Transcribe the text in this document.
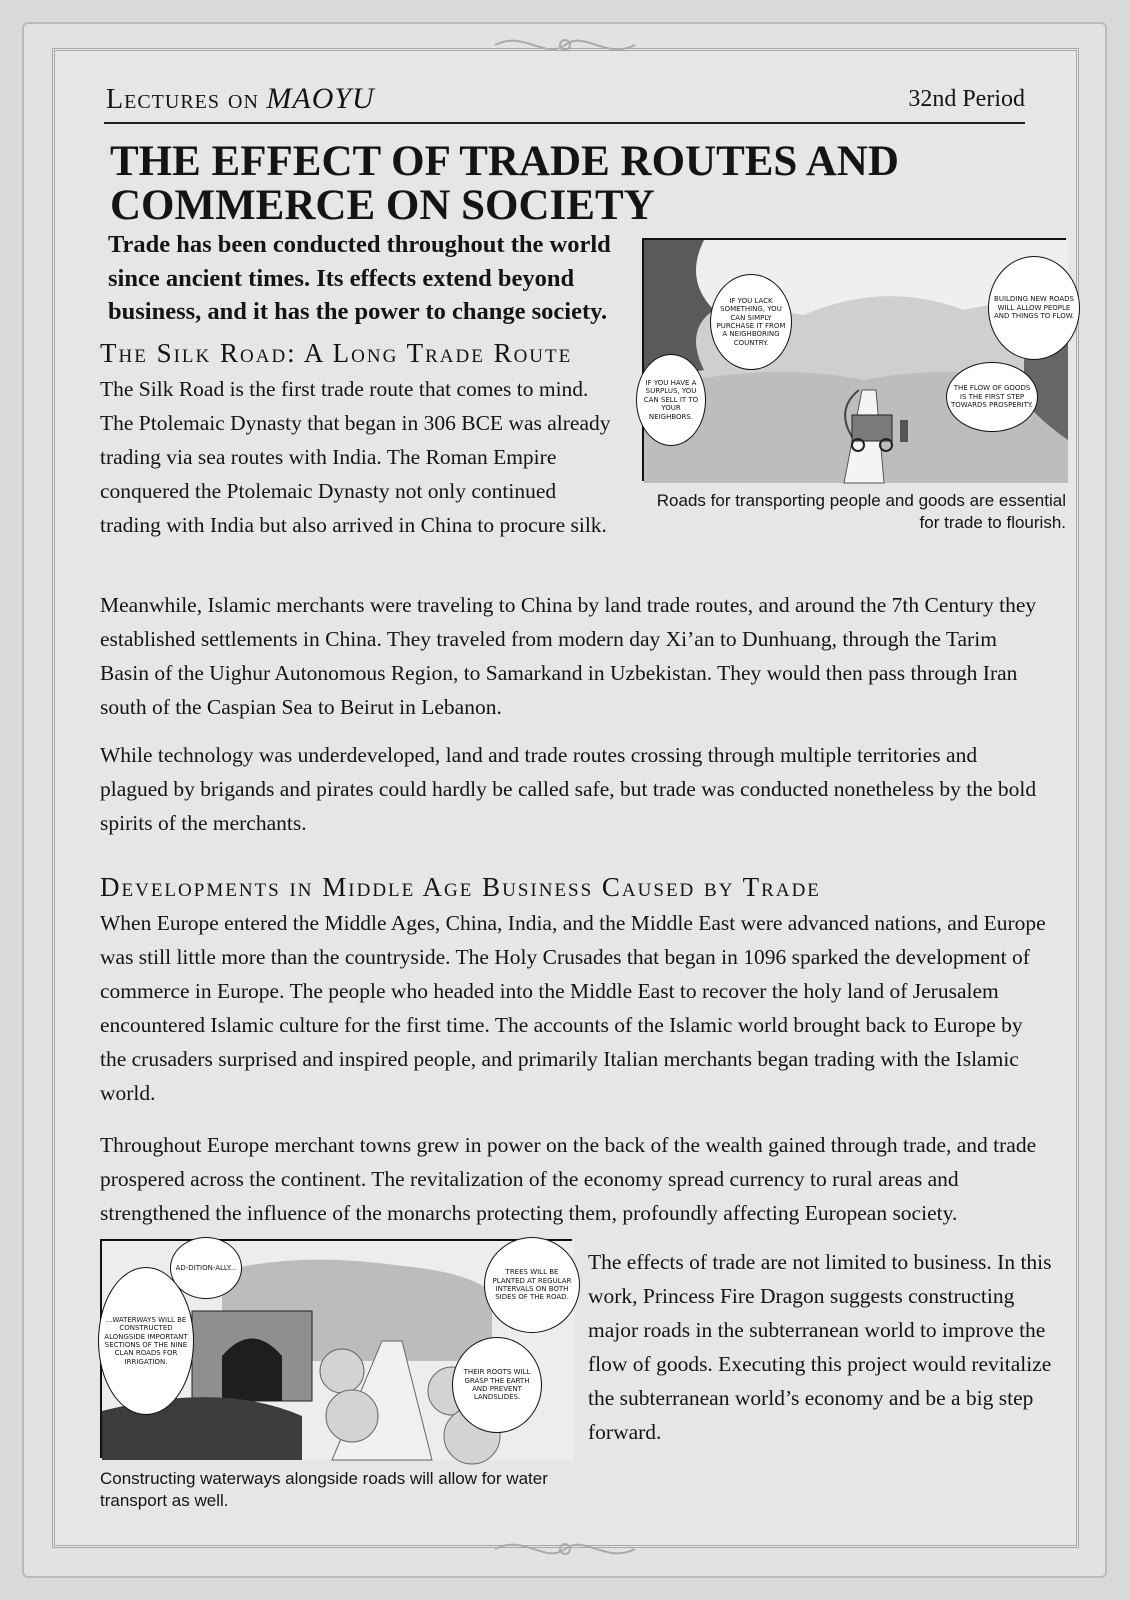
Lectures on MAOYU	32nd Period
THE EFFECT OF TRADE ROUTES AND
COMMERCE ON SOCIETY
Trade has been conducted throughout the world since ancient times. Its effects extend beyond business, and it has the power to change society.
The Silk Road: A Long Trade Route

The Silk Road is the first trade route that comes to mind. The Ptolemaic Dynasty that began in 306 BCE was already trading via sea routes with India. The Roman Empire conquered the Ptolemaic Dynasty not only continued trading with India but also arrived in China to procure silk.

Meanwhile, Islamic merchants were traveling to China by land trade routes, and around the 7th Century they established settlements in China. They traveled from modern day Xi’an to Dunhuang, through the Tarim Basin of the Uighur Autonomous Region, to Samarkand in Uzbekistan. They would then pass through Iran south of the Caspian Sea to Beirut in Lebanon.

While technology was underdeveloped, land and trade routes crossing through multiple territories and plagued by brigands and pirates could hardly be called safe, but trade was conducted nonetheless by the bold spirits of the merchants.

IF YOU LACK SOMETHING, YOU CAN SIMPLY PURCHASE IT FROM A NEIGHBORING COUNTRY.
IF YOU HAVE A SURPLUS, YOU CAN SELL IT TO YOUR NEIGHBORS.
BUILDING NEW ROADS WILL ALLOW PEOPLE AND THINGS TO FLOW.
THE FLOW OF GOODS IS THE FIRST STEP TOWARDS PROSPERITY.
Roads for transporting people and goods are essential for trade to flourish.
Developments in Middle Age Business Caused by Trade

When Europe entered the Middle Ages, China, India, and the Middle East were advanced nations, and Europe was still little more than the countryside. The Holy Crusades that began in 1096 sparked the development of commerce in Europe. The people who headed into the Middle East to recover the holy land of Jerusalem encountered Islamic culture for the first time. The accounts of the Islamic world brought back to Europe by the crusaders surprised and inspired people, and primarily Italian merchants began trading with the Islamic world.

Throughout Europe merchant towns grew in power on the back of the wealth gained through trade, and trade prospered across the continent. The revitalization of the economy spread currency to rural areas and strengthened the influence of the monarchs protecting them, profoundly affecting European society.

AD-DITION-ALLY...
...WATERWAYS WILL BE CONSTRUCTED ALONGSIDE IMPORTANT SECTIONS OF THE NINE CLAN ROADS FOR IRRIGATION.
TREES WILL BE PLANTED AT REGULAR INTERVALS ON BOTH SIDES OF THE ROAD.
THEIR ROOTS WILL GRASP THE EARTH AND PREVENT LANDSLIDES.
Constructing waterways alongside roads will allow for water transport as well.

The effects of trade are not limited to business. In this work, Princess Fire Dragon suggests constructing major roads in the subterranean world to improve the flow of goods. Executing this project would revitalize the subterranean world’s economy and be a big step forward.
